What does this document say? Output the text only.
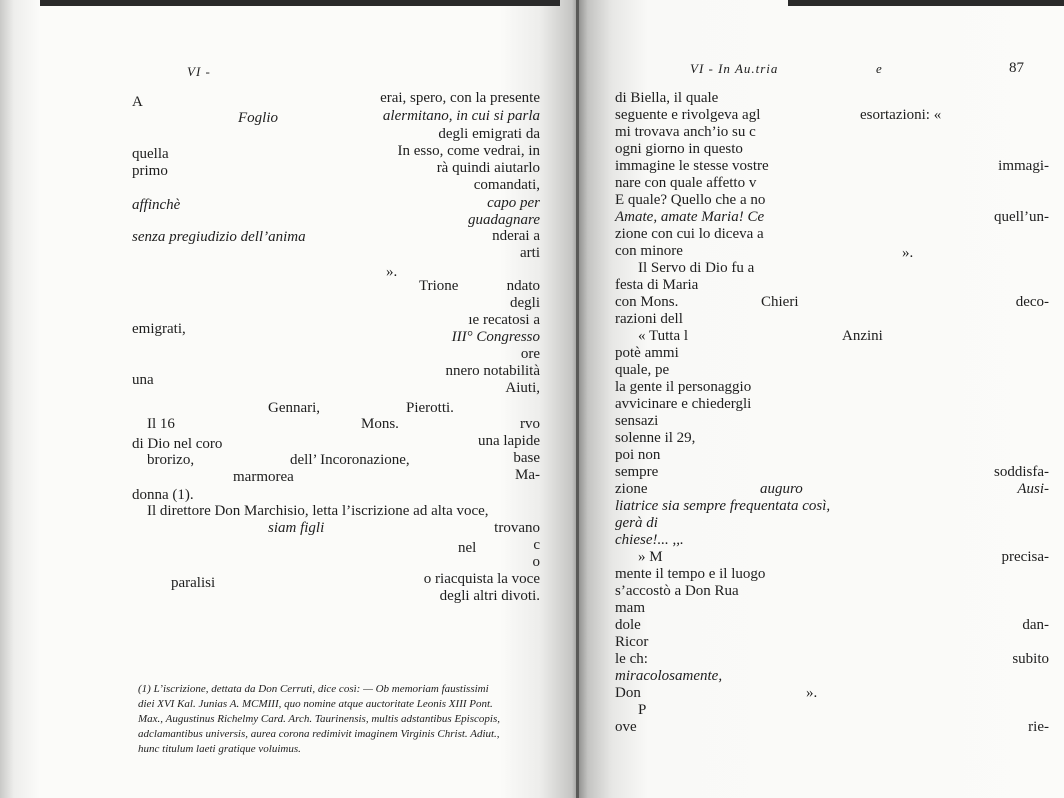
VI -
A	erai, spero, con la presente
Foglio	alermitano, in cui si parla
degli emigrati da
quella	In esso, come vedrai, in
primo	rà quindi aiutarlo
comandati,
affinchè	capo per
guadagnare
senza pregiudizio dell’anima	nderai a
arti
».
Trione	ndato
degli
emigrati,
ıe recatosi a
III° Congresso
ore
una
nnero notabilità
Aiuti,
Gennari,	Pierotti.
Il 16	Mons.	rvo
di Dio nel coro	una lapide
brorizo,	dell’ Incoronazione,	base
marmorea	Ma-
donna (1).
Il direttore Don Marchisio, letta l’iscrizione ad alta voce,
siam figli	trovano
c
nel
o
paralisi	o riacquista la voce
degli altri divoti.
(1) L’iscrizione, dettata da Don Cerruti, dice così: — Ob memoriam faustissimi
diei XVI Kal. Junias A. MCMIII, quo nomine atque auctoritate Leonis XIII Pont.
Max., Augustinus Richelmy Card. Arch. Taurinensis, multis adstantibus Episcopis,
adclamantibus universis, aurea corona redimivit imaginem Virginis Christ. Adiut.,
hunc titulum laeti gratique voluimus.
VI - In Au.tria	e	87
di Biella, il quale
seguente e rivolgeva agl	esortazioni: «
mi trovava anch’io su c
ogni giorno in questo
immagine le stesse vostre	immagi-
nare con quale affetto v
E quale? Quello che a no
quell’un-
Amate, amate Maria! Ce
zione con cui lo diceva a
con minore	».
Il Servo di Dio fu a
festa di Maria
con Mons.	Chieri	deco-
razioni dell
« Tutta l	Anzini
potè ammi
quale, pe
la gente il personaggio
avvicinare e chiedergli
sensazi
solenne il 29,
poi non
sempre	soddisfa-
zione	auguro	Ausi-
liatrice sia sempre frequentata così,
gerà di
chiese!... ,,.
» M	precisa-
mente il tempo e il luogo
s’accostò a Don Rua
mam
dan-
dole
Ricor
le ch:	subito
miracolosamente,
Don	».
P
ove	rie-
